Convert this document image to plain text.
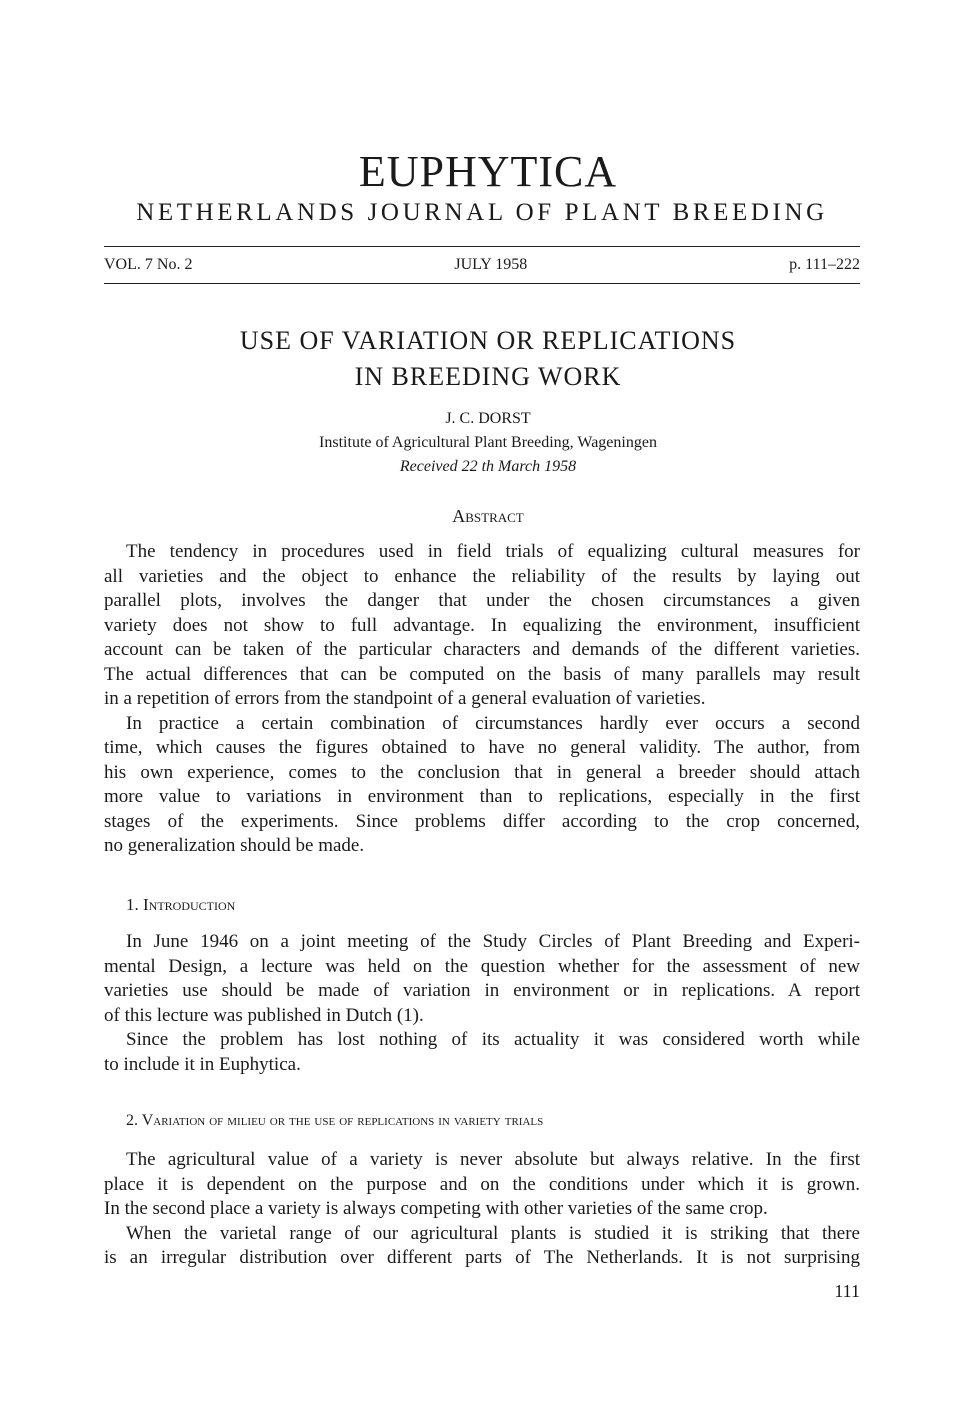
EUPHYTICA
NETHERLANDS JOURNAL OF PLANT BREEDING
VOL. 7 No. 2	JULY 1958	p. 111–222
USE OF VARIATION OR REPLICATIONS
IN BREEDING WORK
J. C. DORST
Institute of Agricultural Plant Breeding, Wageningen
Received 22 th March 1958
Abstract
The tendency in procedures used in field trials of equalizing cultural measures for
all varieties and the object to enhance the reliability of the results by laying out
parallel plots, involves the danger that under the chosen circumstances a given
variety does not show to full advantage. In equalizing the environment, insufficient
account can be taken of the particular characters and demands of the different varieties.
The actual differences that can be computed on the basis of many parallels may result
in a repetition of errors from the standpoint of a general evaluation of varieties.
In practice a certain combination of circumstances hardly ever occurs a second
time, which causes the figures obtained to have no general validity. The author, from
his own experience, comes to the conclusion that in general a breeder should attach
more value to variations in environment than to replications, especially in the first
stages of the experiments. Since problems differ according to the crop concerned,
no generalization should be made.
1. Introduction
In June 1946 on a joint meeting of the Study Circles of Plant Breeding and Experi-
mental Design, a lecture was held on the question whether for the assessment of new
varieties use should be made of variation in environment or in replications. A report
of this lecture was published in Dutch (1).
Since the problem has lost nothing of its actuality it was considered worth while
to include it in Euphytica.
2. Variation of milieu or the use of replications in variety trials
The agricultural value of a variety is never absolute but always relative. In the first
place it is dependent on the purpose and on the conditions under which it is grown.
In the second place a variety is always competing with other varieties of the same crop.
When the varietal range of our agricultural plants is studied it is striking that there
is an irregular distribution over different parts of The Netherlands. It is not surprising
111
